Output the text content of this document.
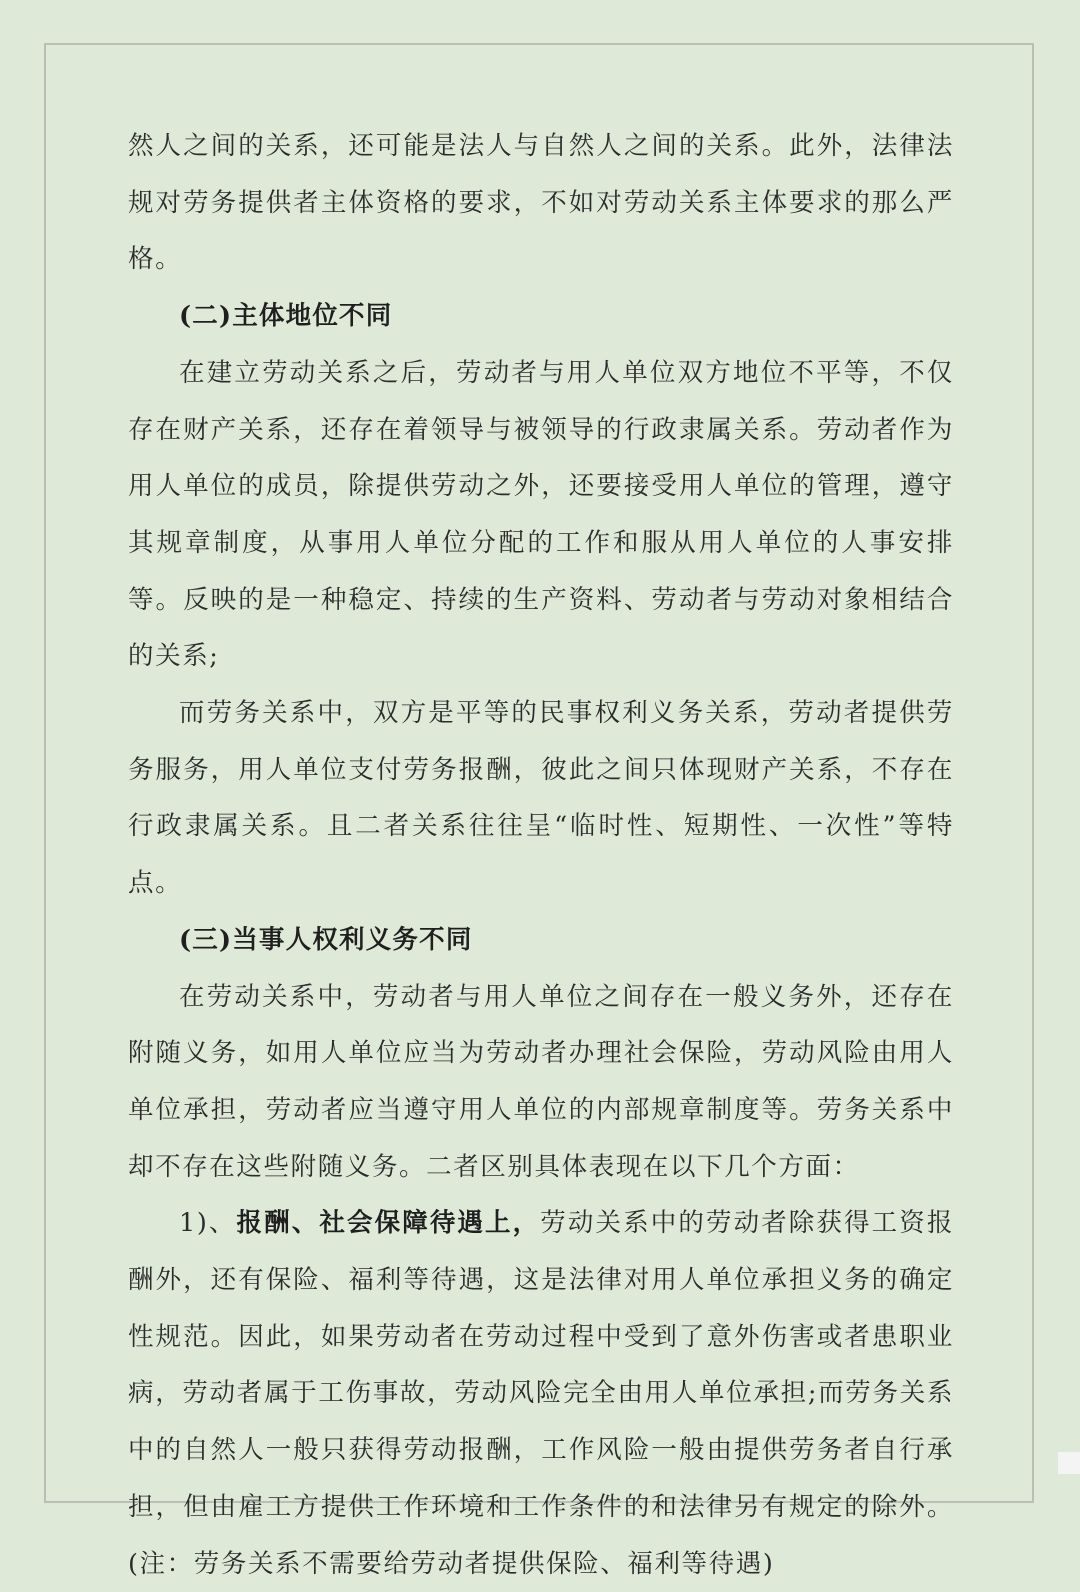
然人之间的关系，还可能是法人与自然人之间的关系。此外，法律法规对劳务提供者主体资格的要求，不如对劳动关系主体要求的那么严格。

(二)主体地位不同

在建立劳动关系之后，劳动者与用人单位双方地位不平等，不仅存在财产关系，还存在着领导与被领导的行政隶属关系。劳动者作为用人单位的成员，除提供劳动之外，还要接受用人单位的管理，遵守其规章制度，从事用人单位分配的工作和服从用人单位的人事安排等。反映的是一种稳定、持续的生产资料、劳动者与劳动对象相结合的关系;

而劳务关系中，双方是平等的民事权利义务关系，劳动者提供劳务服务，用人单位支付劳务报酬，彼此之间只体现财产关系，不存在行政隶属关系。且二者关系往往呈“临时性、短期性、一次性”等特点。

(三)当事人权利义务不同

在劳动关系中，劳动者与用人单位之间存在一般义务外，还存在附随义务，如用人单位应当为劳动者办理社会保险，劳动风险由用人单位承担，劳动者应当遵守用人单位的内部规章制度等。劳务关系中却不存在这些附随义务。二者区别具体表现在以下几个方面：

1)、报酬、社会保障待遇上，劳动关系中的劳动者除获得工资报酬外，还有保险、福利等待遇，这是法律对用人单位承担义务的确定性规范。因此，如果劳动者在劳动过程中受到了意外伤害或者患职业病，劳动者属于工伤事故，劳动风险完全由用人单位承担;而劳务关系中的自然人一般只获得劳动报酬，工作风险一般由提供劳务者自行承担，但由雇工方提供工作环境和工作条件的和法律另有规定的除外。(注：劳务关系不需要给劳动者提供保险、福利等待遇)
